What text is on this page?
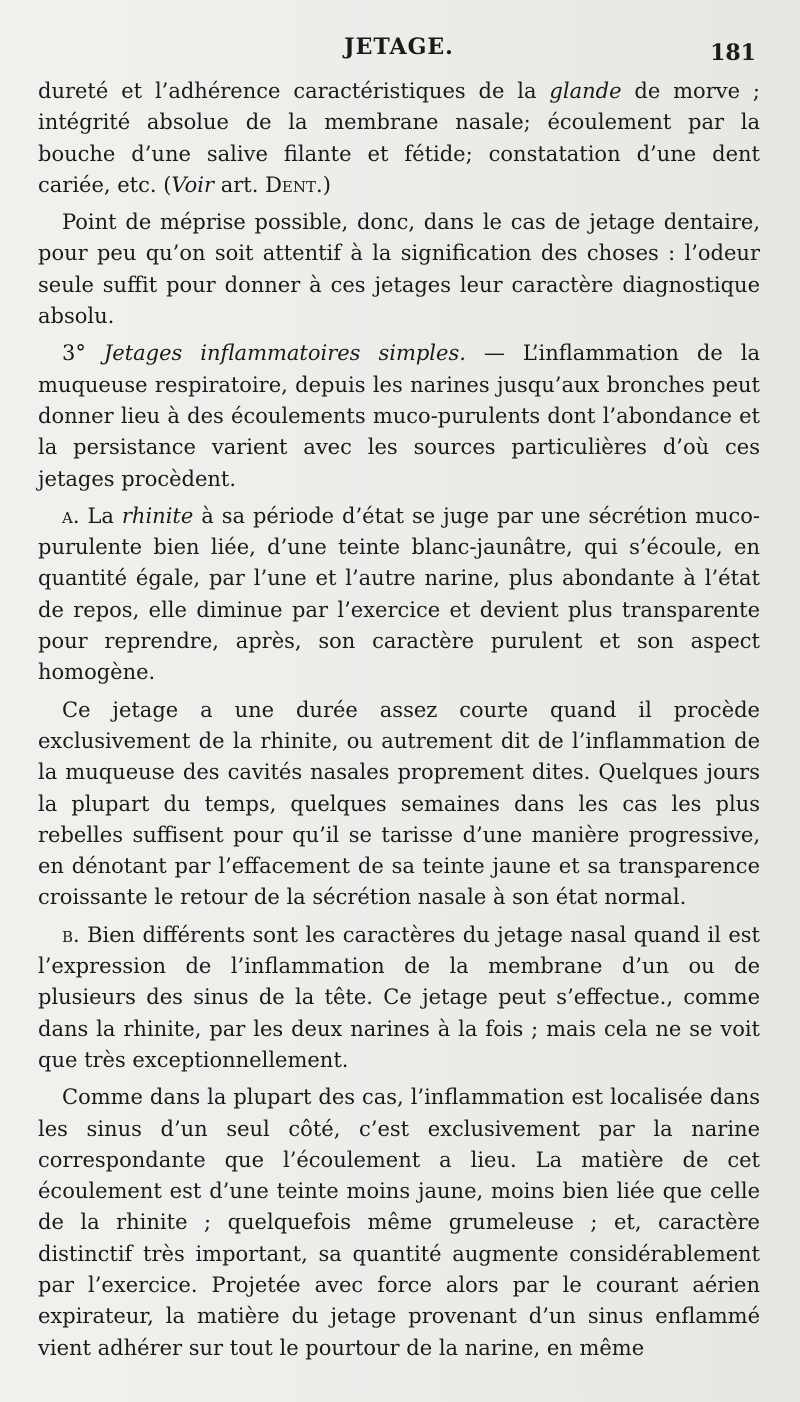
JETAGE.	181

dureté et l’adhérence caractéristiques de la glande de morve ; intégrité absolue de la membrane nasale; écoulement par la bouche d’une salive filante et fétide; constatation d’une dent cariée, etc. (Voir art. Dent.)

Point de méprise possible, donc, dans le cas de jetage dentaire, pour peu qu’on soit attentif à la signification des choses : l’odeur seule suffit pour donner à ces jetages leur caractère diagnostique absolu.

3° Jetages inflammatoires simples. — L’inflammation de la muqueuse respiratoire, depuis les narines jusqu’aux bronches peut donner lieu à des écoulements muco-purulents dont l’abondance et la persistance varient avec les sources particulières d’où ces jetages procèdent.

a. La rhinite à sa période d’état se juge par une sécrétion muco-purulente bien liée, d’une teinte blanc-jaunâtre, qui s’écoule, en quantité égale, par l’une et l’autre narine, plus abondante à l’état de repos, elle diminue par l’exercice et devient plus transparente pour reprendre, après, son caractère purulent et son aspect homogène.

Ce jetage a une durée assez courte quand il procède exclusivement de la rhinite, ou autrement dit de l’inflammation de la muqueuse des cavités nasales proprement dites. Quelques jours la plupart du temps, quelques semaines dans les cas les plus rebelles suffisent pour qu’il se tarisse d’une manière progressive, en dénotant par l’effacement de sa teinte jaune et sa transparence croissante le retour de la sécrétion nasale à son état normal.

b. Bien différents sont les caractères du jetage nasal quand il est l’expression de l’inflammation de la membrane d’un ou de plusieurs des sinus de la tête. Ce jetage peut s’effectue., comme dans la rhinite, par les deux narines à la fois ; mais cela ne se voit que très exceptionnellement.

Comme dans la plupart des cas, l’inflammation est localisée dans les sinus d’un seul côté, c’est exclusivement par la narine correspondante que l’écoulement a lieu. La matière de cet écoulement est d’une teinte moins jaune, moins bien liée que celle de la rhinite ; quelquefois même grumeleuse ; et, caractère distinctif très important, sa quantité augmente considérablement par l’exercice. Projetée avec force alors par le courant aérien expirateur, la matière du jetage provenant d’un sinus enflammé vient adhérer sur tout le pourtour de la narine, en même
